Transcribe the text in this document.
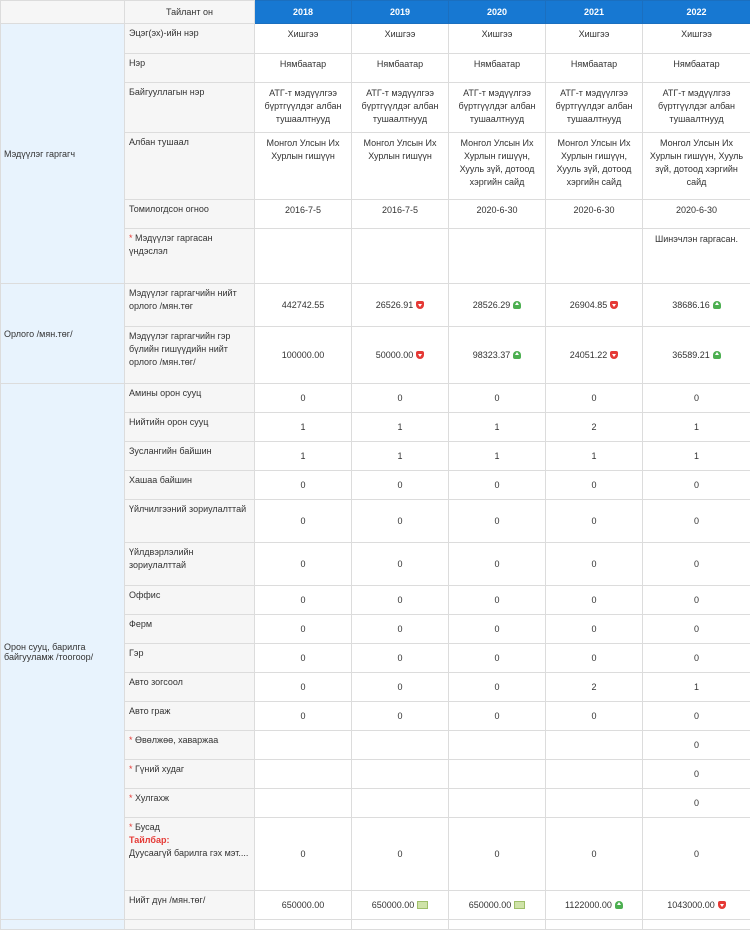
	Тайлант он	2018	2019	2020	2021	2022
Мэдүүлэг гаргагч	Эцэг(эх)-ийн нэр	Хишгээ	Хишгээ	Хишгээ	Хишгээ	Хишгээ
	Нэр	Нямбаатар	Нямбаатар	Нямбаатар	Нямбаатар	Нямбаатар
	Байгууллагын нэр	АТГ-т мэдүүлгээ бүртгүүлдэг албан тушаалтнууд	АТГ-т мэдүүлгээ бүртгүүлдэг албан тушаалтнууд	АТГ-т мэдүүлгээ бүртгүүлдэг албан тушаалтнууд	АТГ-т мэдүүлгээ бүртгүүлдэг албан тушаалтнууд	АТГ-т мэдүүлгээ бүртгүүлдэг албан тушаалтнууд
	Албан тушаал	Монгол Улсын Их Хурлын гишүүн	Монгол Улсын Их Хурлын гишүүн	Монгол Улсын Их Хурлын гишүүн, Хууль зүй, дотоод хэргийн сайд	Монгол Улсын Их Хурлын гишүүн, Хууль зүй, дотоод хэргийн сайд	Монгол Улсын Их Хурлын гишүүн, Хууль зүй, дотоод хэргийн сайд
	Томилогдсон огноо	2016-7-5	2016-7-5	2020-6-30	2020-6-30	2020-6-30
	* Мэдүүлэг гаргасан үндэслэл					Шинэчлэн гаргасан.
Орлого /мян.төг/	Мэдүүлэг гаргагчийн нийт орлого /мян.төг	442742.55	26526.91	28526.29	26904.85	38686.16
	Мэдүүлэг гаргагчийн гэр бүлийн гишүүдийн нийт орлого /мян.төг/	100000.00	50000.00	98323.37	24051.22	36589.21
Орон сууц, барилга байгууламж /тоогоор/	Амины орон сууц	0	0	0	0	0
	Нийтийн орон сууц	1	1	1	2	1
	Зуслангийн байшин	1	1	1	1	1
	Хашаа байшин	0	0	0	0	0
	Үйлчилгээний зориулалттай	0	0	0	0	0
	Үйлдвэрлэлийн зориулалттай	0	0	0	0	0
	Оффис	0	0	0	0	0
	Ферм	0	0	0	0	0
	Гэр	0	0	0	0	0
	Авто зогсоол	0	0	0	2	1
	Авто граж	0	0	0	0	0
	* Өвөлжөө, хаваржаа					0
	* Гүний худаг					0
	* Хулгахж					0
	* Бусад
Тайлбар:
Дуусаагүй барилга гэх мэт....	0	0	0	0	0
	Нийт дүн /мян.төг/	650000.00	650000.00	650000.00	1122000.00	1043000.00
